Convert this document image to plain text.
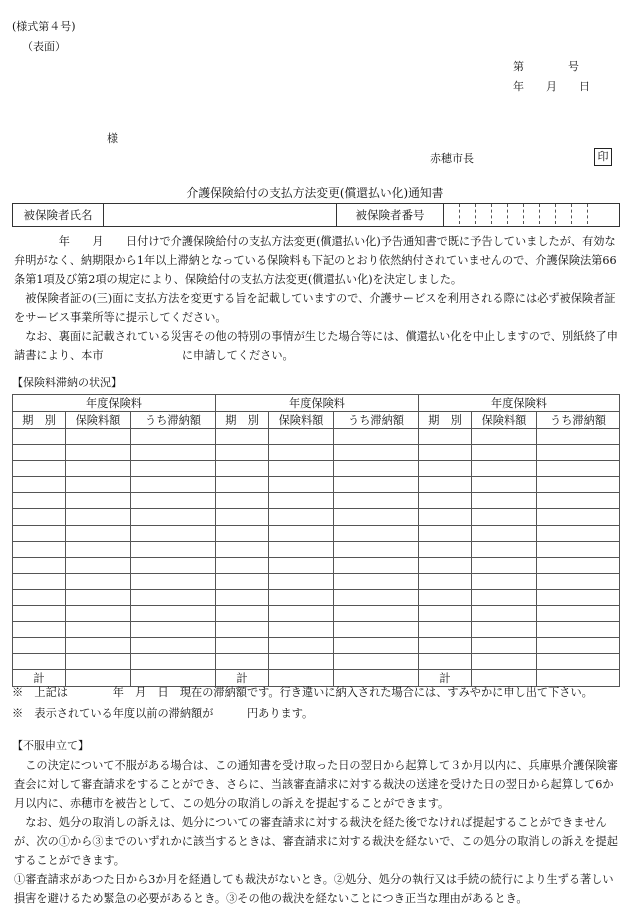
(様式第４号)
（表面）
第　　　　号
年　　月　　日
様
赤穂市長	印
介護保険給付の支払方法変更(償還払い化)通知書
被保険者氏名		被保険者番号	
　　　　年　　月　　日付けで介護保険給付の支払方法変更(償還払い化)予告通知書で既に予告していましたが、有効な弁明がなく、納期限から1年以上滞納となっている保険料も下記のとおり依然納付されていませんので、介護保険法第66条第1項及び第2項の規定により、保険給付の支払方法変更(償還払い化)を決定しました。
　被保険者証の(三)面に支払方法を変更する旨を記載していますので、介護サービスを利用される際には必ず被保険者証をサービス事業所等に提示してください。
　なお、裏面に記載されている災害その他の特別の事情が生じた場合等には、償還払い化を中止しますので、別紙終了申請書により、本市　　　　　　　に申請してください。
【保険料滞納の状況】
年度保険料			年度保険料			年度保険料		
期　別	保険料額	うち滞納額	期　別	保険料額	うち滞納額	期　別	保険料額	うち滞納額

計			計			計		
※　上記は　　　　年　月　日　現在の滞納額です。行き違いに納入された場合には、すみやかに申し出て下さい。
※　表示されている年度以前の滞納額が　　　円あります。
【不服申立て】
　この決定について不服がある場合は、この通知書を受け取った日の翌日から起算して３か月以内に、兵庫県介護保険審査会に対して審査請求をすることができ、さらに、当該審査請求に対する裁決の送達を受けた日の翌日から起算して6か月以内に、赤穂市を被告として、この処分の取消しの訴えを提起することができます。
　なお、処分の取消しの訴えは、処分についての審査請求に対する裁決を経た後でなければ提起することができませんが、次の①から③までのいずれかに該当するときは、審査請求に対する裁決を経ないで、この処分の取消しの訴えを提起することができます。
①審査請求があつた日から3か月を経過しても裁決がないとき。②処分、処分の執行又は手続の続行により生ずる著しい損害を避けるため緊急の必要があるとき。③その他の裁決を経ないことにつき正当な理由があるとき。
